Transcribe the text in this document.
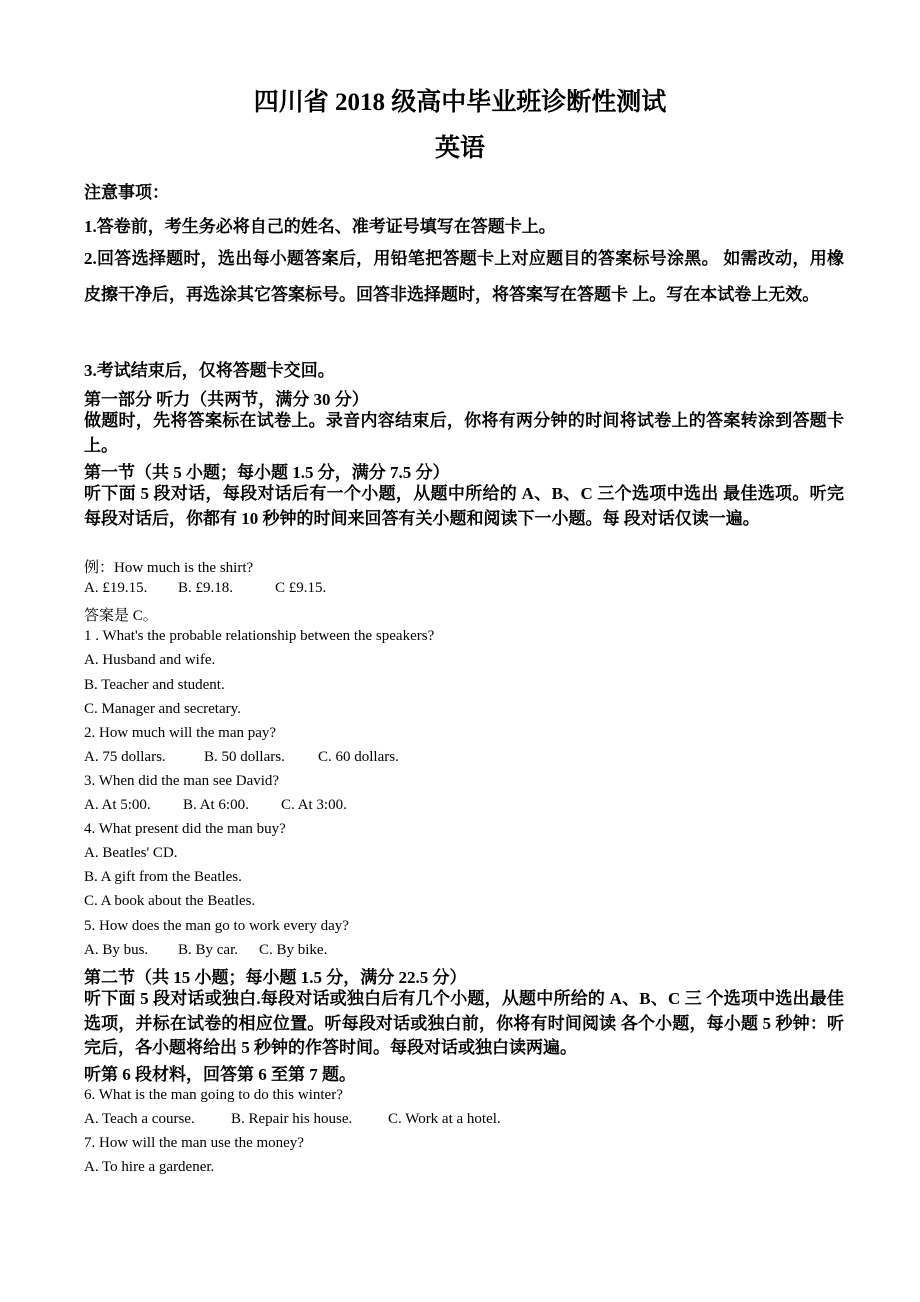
四川省 2018 级高中毕业班诊断性测试
英语
注意事项：
1.答卷前，考生务必将自己的姓名、准考证号填写在答题卡上。
2.回答选择题时，选出每小题答案后，用铅笔把答题卡上对应题目的答案标号涂黑。 如需改动，用橡皮擦干净后，再选涂其它答案标号。回答非选择题时，将答案写在答题卡 上。写在本试卷上无效。
3.考试结束后，仅将答题卡交回。
第一部分 听力（共两节，满分 30 分）
做题时，先将答案标在试卷上。录音内容结束后，你将有两分钟的时间将试卷上的答案转涂到答题卡上。
第一节（共 5 小题；每小题 1.5 分，满分 7.5 分）
听下面 5 段对话，每段对话后有一个小题，从题中所给的 A、B、C 三个选项中选出 最佳选项。听完每段对话后，你都有 10 秒钟的时间来回答有关小题和阅读下一小题。每 段对话仅读一遍。
例：How much is the shirt?
A. £19.15. B. £9.18.	C £9.15.
答案是 C。
1 . What's the probable relationship between the speakers?
A. Husband and wife.
B. Teacher and student.
C. Manager and secretary.
2. How much will the man pay?
A. 75 dollars.	B. 50 dollars. C. 60 dollars.
3. When did the man see David?
A. At 5:00. B. At 6:00. C. At 3:00.
4. What present did the man buy?
A. Beatles' CD.
B. A gift from the Beatles.
C. A book about the Beatles.
5. How does the man go to work every day?
A. By bus. B. By car. C. By bike.
第二节（共 15 小题；每小题 1.5 分，满分 22.5 分）
听下面 5 段对话或独白.每段对话或独白后有几个小题，从题中所给的 A、B、C 三 个选项中选出最佳选项，并标在试卷的相应位置。听每段对话或独白前，你将有时间阅读 各个小题，每小题 5 秒钟：听完后，各小题将给出 5 秒钟的作答时间。每段对话或独白读两遍。
听第 6 段材料，回答第 6 至第 7 题。
6. What is the man going to do this winter?
A. Teach a course. B. Repair his house. C. Work at a hotel.
7. How will the man use the money?
A. To hire a gardener.
